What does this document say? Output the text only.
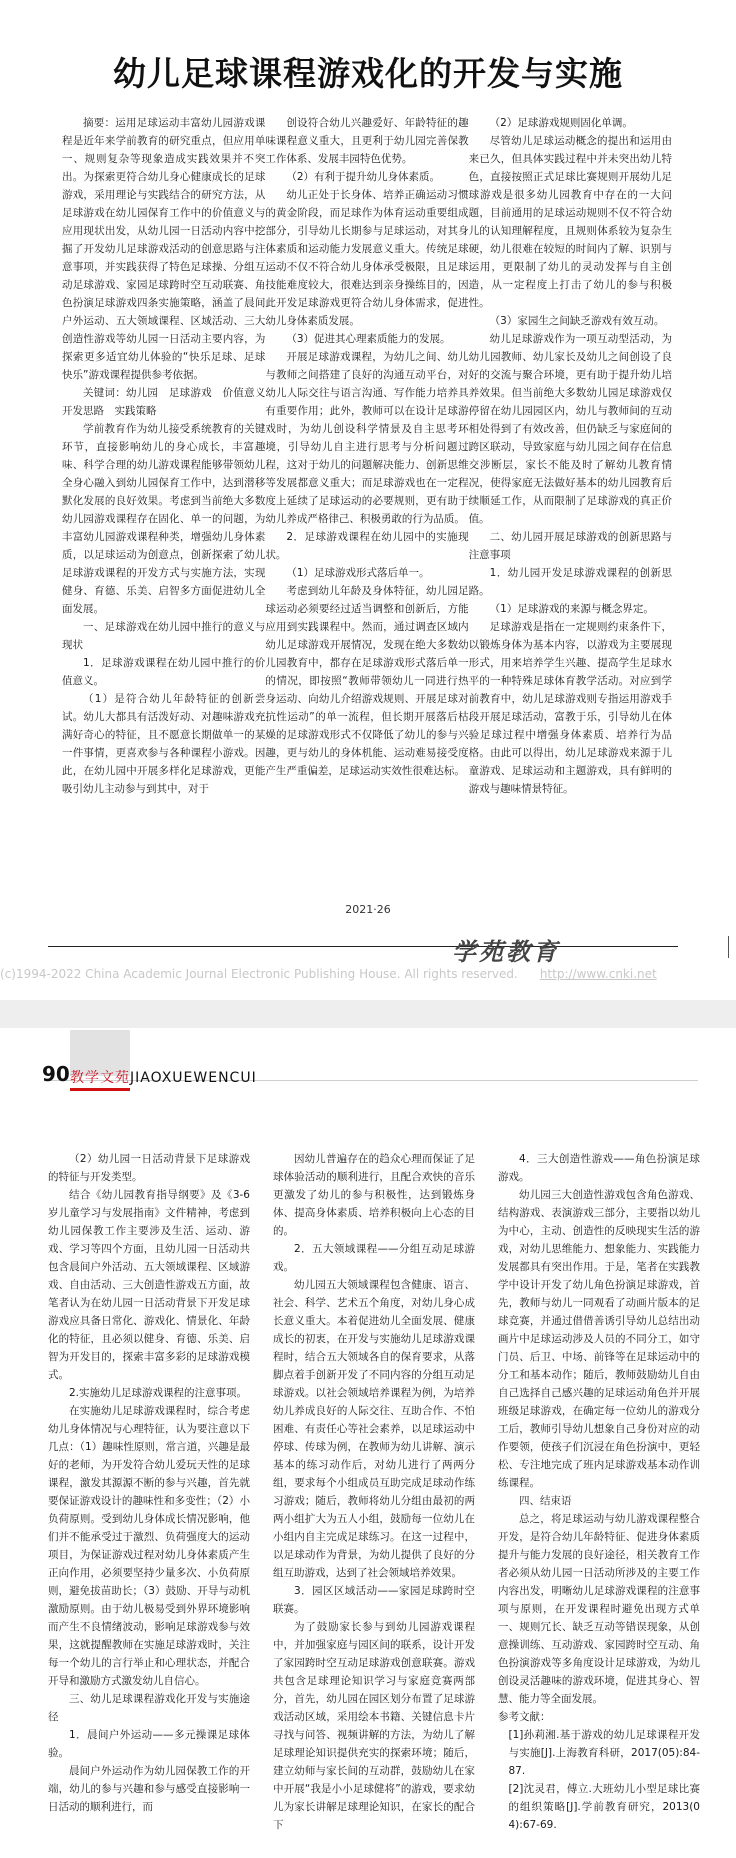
幼儿足球课程游戏化的开发与实施

摘要：运用足球运动丰富幼儿园游戏课程是近年来学前教育的研究重点，但应用单一、规则复杂等现象造成实践效果并不突出。为探索更符合幼儿身心健康成长的足球游戏，采用理论与实践结合的研究方法，从足球游戏在幼儿园保育工作中的价值意义与应用现状出发，从幼儿园一日活动内容中挖掘了开发幼儿足球游戏活动的创意思路与注意事项，并实践获得了特色足球操、分组互动足球游戏、家园足球跨时空互动联赛、角色扮演足球游戏四条实施策略，涵盖了晨间户外运动、五大领域课程、区域活动、三大创造性游戏等幼儿园一日活动主要内容，为探索更多适宜幼儿体验的“快乐足球、足球快乐”游戏课程提供参考依据。

关键词：幼儿园　足球游戏　价值意义　开发思路　实践策略

学前教育作为幼儿接受系统教育的关键环节，直接影响幼儿的身心成长，丰富趣味、科学合理的幼儿游戏课程能够带领幼儿全身心融入到幼儿园保育工作中，达到潜移默化发展的良好效果。考虑到当前绝大多数幼儿园游戏课程存在固化、单一的问题，为丰富幼儿园游戏课程种类，增强幼儿身体素质，以足球运动为创意点，创新探索了幼儿足球游戏课程的开发方式与实施方法，实现健身、育德、乐美、启智多方面促进幼儿全面发展。

一、足球游戏在幼儿园中推行的意义与现状

1．足球游戏课程在幼儿园中推行的价值意义。

（1）是符合幼儿年龄特征的创新尝试。幼儿大都具有活泼好动、对趣味游戏充满好奇心的特征，且不愿意长期做单一的某一件事情，更喜欢参与各种课程小游戏。因此，在幼儿园中开展多样化足球游戏，更能吸引幼儿主动参与到其中，对于

创设符合幼儿兴趣爱好、年龄特征的趣味课程意义重大，且更利于幼儿园完善保教工作体系、发展丰园特色优势。

（2）有利于提升幼儿身体素质。

幼儿正处于长身体、培养正确运动习惯的黄金阶段，而足球作为体育运动重要组成部分，引导幼儿长期参与足球运动，对其身体素质和运动能力发展意义重大。传统足球运动不仅不符合幼儿身体承受极限，且足球技能难度较大，很难达到亲身操练目的，因此开发足球游戏更符合幼儿身体需求，促进幼儿身体素质发展。

（3）促进其心理素质能力的发展。

开展足球游戏课程，为幼儿之间、幼儿与教师之间搭建了良好的沟通互动平台，对幼儿人际交往与语言沟通、写作能力培养具有重要作用；此外，教师可以在设计足球游戏时，为幼儿创设科学情景及自主思考环境，引导幼儿自主进行思考与分析问题过程，这对于幼儿的问题解决能力、创新思维等发展都意义重大；而足球游戏也在一定程度上延续了足球运动的必要规则，更有助于幼儿养成严格律己、积极勇敢的行为品质。

2．足球游戏课程在幼儿园中的实施现状。

（1）足球游戏形式落后单一。

考虑到幼儿年龄及身体特征，幼儿园足球运动必须要经过适当调整和创新后，方能应用到实践课程中。然而，通过调查区域内幼儿足球游戏开展情况，发现在绝大多数幼儿园教育中，都存在足球游戏形式落后单一的情况，即按照“教师带领幼儿一同进行热身运动、向幼儿介绍游戏规则、开展足球对抗性运动”的单一流程，但长期开展落后枯燥的足球游戏形式不仅降低了幼儿的参与兴趣，更与幼儿的身体机能、运动难易接受度产生严重偏差，足球运动实效性很难达标。

（2）足球游戏规则固化单调。

尽管幼儿足球运动概念的提出和运用由来已久，但具体实践过程中并未突出幼儿特色，直接按照正式足球比赛规则开展幼儿足球游戏是很多幼儿园教育中存在的一大问题，目前通用的足球运动规则不仅不符合幼儿的认知理解程度，且规则体系较为复杂生硬，幼儿很难在较短的时间内了解、识别与运用，更限制了幼儿的灵动发挥与自主创造，从一定程度上打击了幼儿的参与积极性。

（3）家园生之间缺乏游戏有效互动。

幼儿足球游戏作为一项互动型活动，为幼儿园教师、幼儿家长及幼儿之间创设了良好的交流与聚合环境，更有助于提升幼儿培养效果。但当前绝大多数幼儿园足球游戏仅停留在幼儿园园区内，幼儿与教师间的互动相处得到了有效改善，但仍缺乏与家庭间的跨区联动，导致家庭与幼儿园之间存在信息交涉断层，家长不能及时了解幼儿教育情况，使得家庭无法做好基本的幼儿园教育后续顺延工作，从而限制了足球游戏的真正价值。

二、幼儿园开展足球游戏的创新思路与注意事项

1．幼儿园开发足球游戏课程的创新思路。

（1）足球游戏的来源与概念界定。

足球游戏是指在一定规则约束条件下，以锻炼身体为基本内容，以游戏为主要展现形式，用来培养学生兴趣、提高学生足球水平的一种特殊足球体育教学活动。对应到学前教育中，幼儿足球游戏则专指运用游戏手段开展足球活动，富教于乐，引导幼儿在体验足球过程中增强身体素质、培养行为品格。由此可以得出，幼儿足球游戏来源于儿童游戏、足球运动和主题游戏，具有鲜明的游戏与趣味情景特征。

2021·26
学苑教育
(c)1994-2022 China Academic Journal Electronic Publishing House. All rights reserved. http://www.cnki.net
90 教学文苑JIAOXUEWENCUI

（2）幼儿园一日活动背景下足球游戏的特征与开发类型。

结合《幼儿园教育指导纲要》及《3-6岁儿童学习与发展指南》文件精神，考虑到幼儿园保教工作主要涉及生活、运动、游戏、学习等四个方面，且幼儿园一日活动共包含晨间户外活动、五大领域课程、区域游戏、自由活动、三大创造性游戏五方面，故笔者认为在幼儿园一日活动背景下开发足球游戏应具备日常化、游戏化、情景化、年龄化的特征，且必须以健身、育德、乐美、启智为开发目的，探索丰富多彩的足球游戏模式。

2.实施幼儿足球游戏课程的注意事项。

在实施幼儿足球游戏课程时，综合考虑幼儿身体情况与心理特征，认为要注意以下几点：（1）趣味性原则，常言道，兴趣是最好的老师，为开发符合幼儿爱玩天性的足球课程，激发其源源不断的参与兴趣，首先就要保证游戏设计的趣味性和多变性；（2）小负荷原则。受到幼儿身体成长情况影响，他们并不能承受过于激烈、负荷强度大的运动项目，为保证游戏过程对幼儿身体素质产生正向作用，必须要坚持少量多次、小负荷原则，避免拔苗助长；（3）鼓励、开导与动机激励原则。由于幼儿极易受到外界环境影响而产生不良情绪波动，影响足球游戏参与效果，这就提醒教师在实施足球游戏时，关注每一个幼儿的言行举止和心理状态，并配合开导和激励方式激发幼儿自信心。

三、幼儿足球课程游戏化开发与实施途径

1．晨间户外运动——多元操课足球体验。

晨间户外运动作为幼儿园保教工作的开端，幼儿的参与兴趣和参与感受直接影响一日活动的顺利进行，而

因幼儿普遍存在的趋众心理而保证了足球体验活动的顺利进行，且配合欢快的音乐更激发了幼儿的参与积极性，达到锻炼身体、提高身体素质、培养积极向上心态的目的。

2．五大领域课程——分组互动足球游戏。

幼儿园五大领域课程包含健康、语言、社会、科学、艺术五个角度，对幼儿身心成长意义重大。本着促进幼儿全面发展、健康成长的初衷，在开发与实施幼儿足球游戏课程时，结合五大领域各自的保育要求，从落脚点着手创新开发了不同内容的分组互动足球游戏。以社会领域培养课程为例，为培养幼儿养成良好的人际交往、互助合作、不怕困难、有责任心等社会素养，以足球运动中停球、传球为例，在教师为幼儿讲解、演示基本的练习动作后，对幼儿进行了两两分组，要求每个小组成员互助完成足球动作练习游戏；随后，教师将幼儿分组由最初的两两小组扩大为五人小组，鼓励每一位幼儿在小组内自主完成足球练习。在这一过程中，以足球动作为背景，为幼儿提供了良好的分组互助游戏，达到了社会领域培养效果。

3．园区区域活动——家园足球跨时空联赛。

为了鼓励家长参与到幼儿园游戏课程中，并加强家庭与园区间的联系，设计开发了家园跨时空互动足球游戏创意联赛。游戏共包含足球理论知识学习与家庭竞赛两部分，首先，幼儿园在园区划分布置了足球游戏活动区域，采用绘本书籍、关键信息卡片寻找与问答、视频讲解的方法，为幼儿了解足球理论知识提供充实的探索环境；随后，建立幼师与家长间的互动群，鼓励幼儿在家中开展“我是小小足球健将”的游戏，要求幼儿为家长讲解足球理论知识，在家长的配合下

4．三大创造性游戏——角色扮演足球游戏。

幼儿园三大创造性游戏包含角色游戏、结构游戏、表演游戏三部分，主要指以幼儿为中心，主动、创造性的反映现实生活的游戏，对幼儿思维能力、想象能力、实践能力发展都具有突出作用。于是，笔者在实践教学中设计开发了幼儿角色扮演足球游戏，首先，教师与幼儿一同观看了动画片版本的足球竞赛，并通过借借善诱引导幼儿总结出动画片中足球运动涉及人员的不同分工，如守门员、后卫、中场、前锋等在足球运动中的分工和基本动作；随后，教师鼓励幼儿自由自己选择自己感兴趣的足球运动角色并开展班级足球游戏，在确定每一位幼儿的游戏分工后，教师引导幼儿想象自己身份对应的动作要领，使孩子们沉浸在角色扮演中，更轻松、专注地完成了班内足球游戏基本动作训练课程。

四、结束语

总之，将足球运动与幼儿游戏课程整合开发，是符合幼儿年龄特征、促进身体素质提升与能力发展的良好途径，相关教育工作者必须从幼儿园一日活动所涉及的主要工作内容出发，明晰幼儿足球游戏课程的注意事项与原则，在开发课程时避免出现方式单一、规则冗长、缺乏互动等错误现象，从创意操训练、互动游戏、家园跨时空互动、角色扮演游戏等多角度设计足球游戏，为幼儿创设灵活趣味的游戏环境，促进其身心、智慧、能力等全面发展。

参考文献：

[1]孙莉湘.基于游戏的幼儿足球课程开发与实施[J].上海教育科研，2017(05):84-87.

[2]沈灵君，傅立.大班幼儿小型足球比赛的组织策略[J].学前教育研究，2013(04):67-69.
